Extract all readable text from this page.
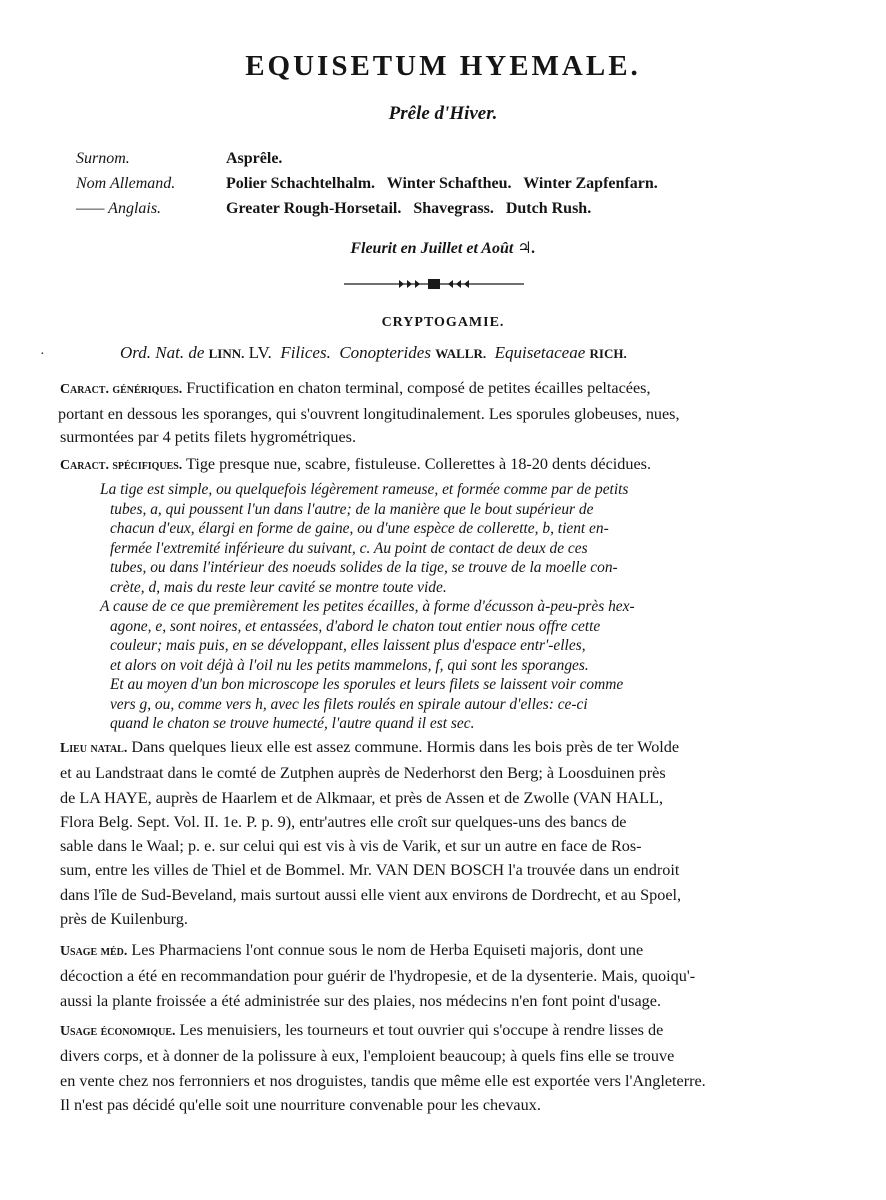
EQUISETUM HYEMALE.
Prêle d'Hiver.
Surnom.	Asprêle.
Nom Allemand.	Polier Schachtelhalm.   Winter Schaftheu.   Winter Zapfenfarn.
—— Anglais.	Greater Rough-Horsetail.   Shavegrass.   Dutch Rush.
Fleurit en Juillet et Août ♃.
CRYPTOGAMIE.
·	Ord. Nat. de LINN. LV. Filices. Conopterides WALLR. Equisetaceae RICH.
Caract. génériques. Fructification en chaton terminal, composé de petites écailles peltacées,
portant en dessous les sporanges, qui s'ouvrent longitudinalement. Les sporules globeuses, nues,
surmontées par 4 petits filets hygrométriques.
Caract. spécifiques. Tige presque nue, scabre, fistuleuse. Collerettes à 18-20 dents décidues.
La tige est simple, ou quelquefois légèrement rameuse, et formée comme par de petits
tubes, a, qui poussent l'un dans l'autre; de la manière que le bout supérieur de
chacun d'eux, élargi en forme de gaine, ou d'une espèce de collerette, b, tient en-
fermée l'extremité inférieure du suivant, c. Au point de contact de deux de ces
tubes, ou dans l'intérieur des noeuds solides de la tige, se trouve de la moelle con-
crète, d, mais du reste leur cavité se montre toute vide.
A cause de ce que premièrement les petites écailles, à forme d'écusson à-peu-près hex-
agone, e, sont noires, et entassées, d'abord le chaton tout entier nous offre cette
couleur; mais puis, en se développant, elles laissent plus d'espace entr'-elles,
et alors on voit déjà à l'oil nu les petits mammelons, f, qui sont les sporanges.
Et au moyen d'un bon microscope les sporules et leurs filets se laissent voir comme
vers g, ou, comme vers h, avec les filets roulés en spirale autour d'elles: ce-ci
quand le chaton se trouve humecté, l'autre quand il est sec.
Lieu natal. Dans quelques lieux elle est assez commune. Hormis dans les bois près de ter Wolde
et au Landstraat dans le comté de Zutphen auprès de Nederhorst den Berg; à Loosduinen près
de LA HAYE, auprès de Haarlem et de Alkmaar, et près de Assen et de Zwolle (VAN HALL,
Flora Belg. Sept. Vol. II. 1e. P. p. 9), entr'autres elle croît sur quelques-uns des bancs de
sable dans le Waal; p. e. sur celui qui est vis à vis de Varik, et sur un autre en face de Ros-
sum, entre les villes de Thiel et de Bommel. Mr. VAN DEN BOSCH l'a trouvée dans un endroit
dans l'île de Sud-Beveland, mais surtout aussi elle vient aux environs de Dordrecht, et au Spoel,
près de Kuilenburg.
Usage méd. Les Pharmaciens l'ont connue sous le nom de Herba Equiseti majoris, dont une
décoction a été en recommandation pour guérir de l'hydropesie, et de la dysenterie. Mais, quoiqu'-
aussi la plante froissée a été administrée sur des plaies, nos médecins n'en font point d'usage.
Usage économique. Les menuisiers, les tourneurs et tout ouvrier qui s'occupe à rendre lisses de
divers corps, et à donner de la polissure à eux, l'emploient beaucoup; à quels fins elle se trouve
en vente chez nos ferronniers et nos droguistes, tandis que même elle est exportée vers l'Angleterre.
Il n'est pas décidé qu'elle soit une nourriture convenable pour les chevaux.
